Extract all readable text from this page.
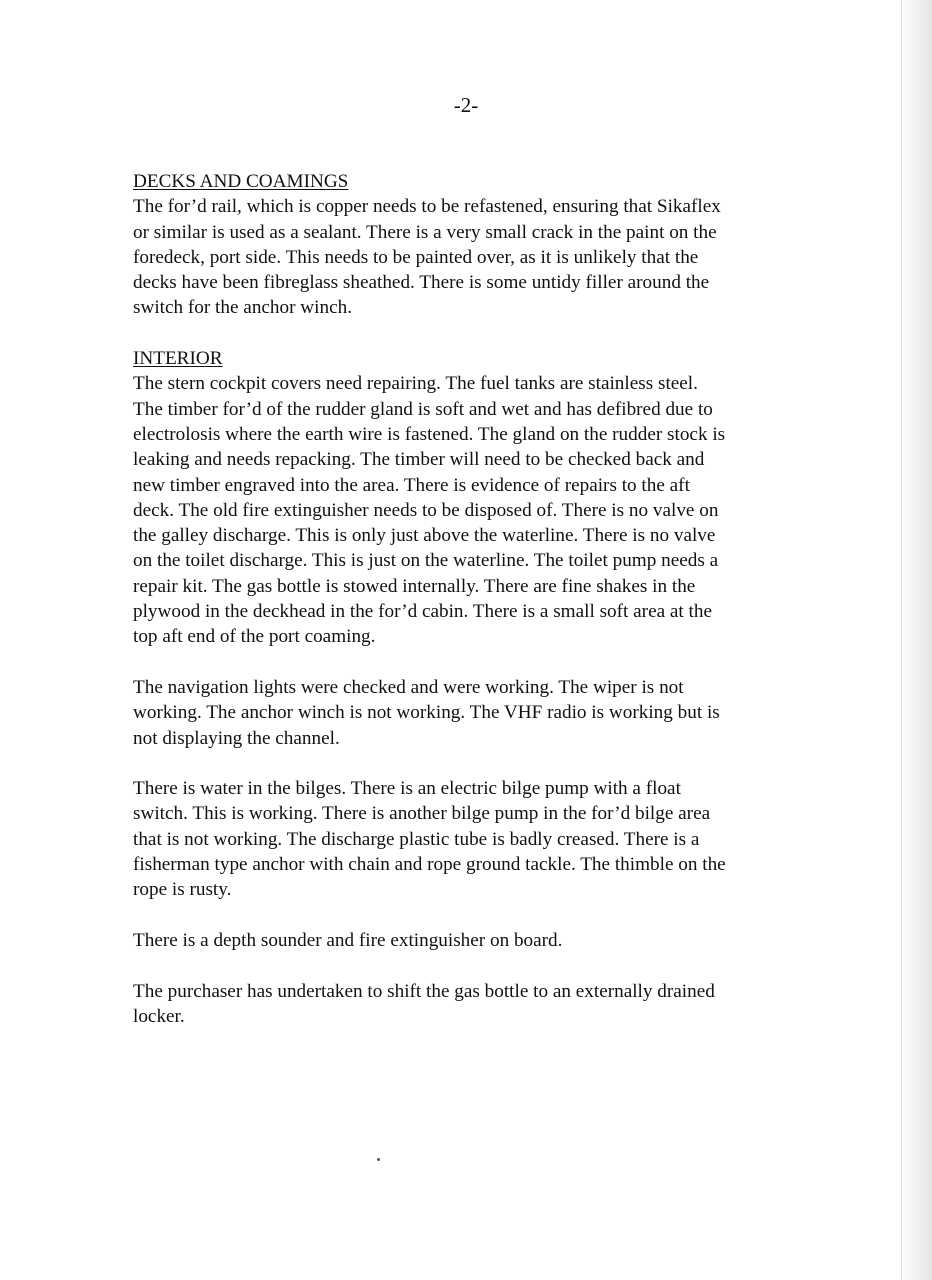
-2-
DECKS AND COAMINGS

The for’d rail, which is copper needs to be refastened, ensuring that Sikaflex
or similar is used as a sealant. There is a very small crack in the paint on the
foredeck, port side. This needs to be painted over, as it is unlikely that the
decks have been fibreglass sheathed. There is some untidy filler around the
switch for the anchor winch.

INTERIOR

The stern cockpit covers need repairing. The fuel tanks are stainless steel.
The timber for’d of the rudder gland is soft and wet and has defibred due to
electrolosis where the earth wire is fastened. The gland on the rudder stock is
leaking and needs repacking. The timber will need to be checked back and
new timber engraved into the area. There is evidence of repairs to the aft
deck. The old fire extinguisher needs to be disposed of. There is no valve on
the galley discharge. This is only just above the waterline. There is no valve
on the toilet discharge. This is just on the waterline. The toilet pump needs a
repair kit. The gas bottle is stowed internally. There are fine shakes in the
plywood in the deckhead in the for’d cabin. There is a small soft area at the
top aft end of the port coaming.

The navigation lights were checked and were working. The wiper is not
working. The anchor winch is not working. The VHF radio is working but is
not displaying the channel.

There is water in the bilges. There is an electric bilge pump with a float
switch. This is working. There is another bilge pump in the for’d bilge area
that is not working. The discharge plastic tube is badly creased. There is a
fisherman type anchor with chain and rope ground tackle. The thimble on the
rope is rusty.

There is a depth sounder and fire extinguisher on board.

The purchaser has undertaken to shift the gas bottle to an externally drained
locker.
